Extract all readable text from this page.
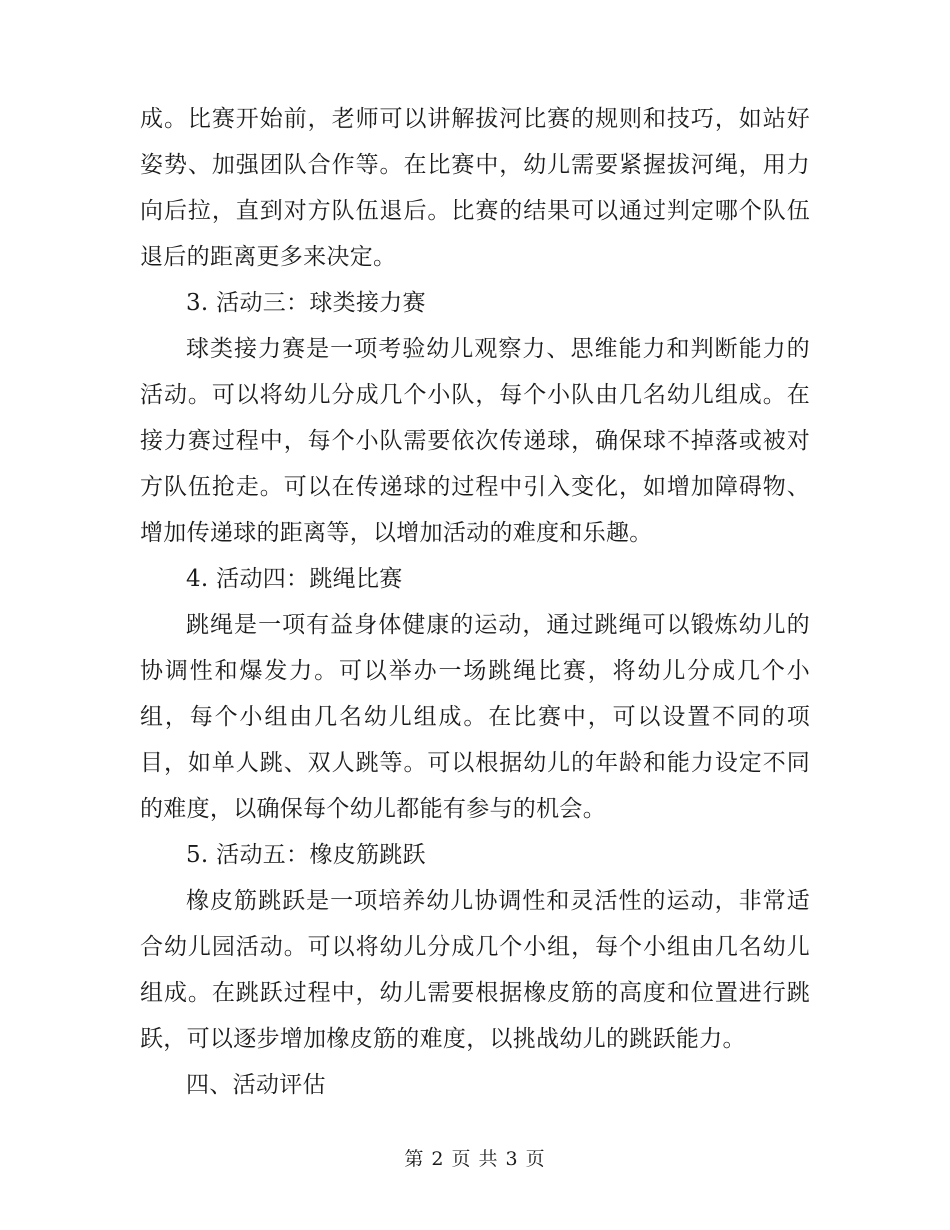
成。比赛开始前，老师可以讲解拔河比赛的规则和技巧，如站好姿势、加强团队合作等。在比赛中，幼儿需要紧握拔河绳，用力向后拉，直到对方队伍退后。比赛的结果可以通过判定哪个队伍退后的距离更多来决定。

3. 活动三：球类接力赛

球类接力赛是一项考验幼儿观察力、思维能力和判断能力的活动。可以将幼儿分成几个小队，每个小队由几名幼儿组成。在接力赛过程中，每个小队需要依次传递球，确保球不掉落或被对方队伍抢走。可以在传递球的过程中引入变化，如增加障碍物、增加传递球的距离等，以增加活动的难度和乐趣。

4. 活动四：跳绳比赛

跳绳是一项有益身体健康的运动，通过跳绳可以锻炼幼儿的协调性和爆发力。可以举办一场跳绳比赛，将幼儿分成几个小组，每个小组由几名幼儿组成。在比赛中，可以设置不同的项目，如单人跳、双人跳等。可以根据幼儿的年龄和能力设定不同的难度，以确保每个幼儿都能有参与的机会。

5. 活动五：橡皮筋跳跃

橡皮筋跳跃是一项培养幼儿协调性和灵活性的运动，非常适合幼儿园活动。可以将幼儿分成几个小组，每个小组由几名幼儿组成。在跳跃过程中，幼儿需要根据橡皮筋的高度和位置进行跳跃，可以逐步增加橡皮筋的难度，以挑战幼儿的跳跃能力。

四、活动评估

第 2 页 共 3 页
